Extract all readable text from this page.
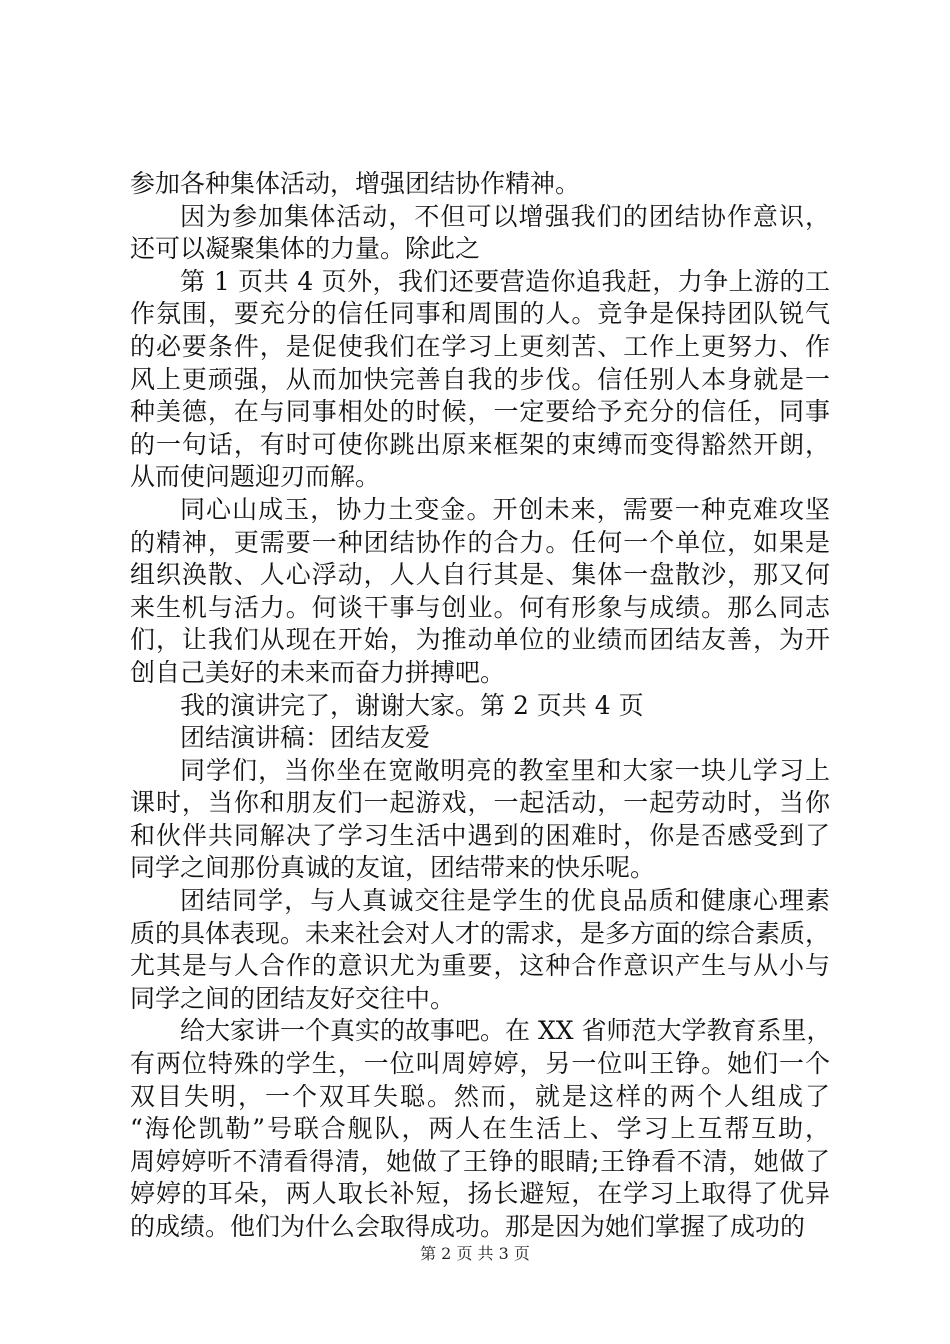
参加各种集体活动，增强团结协作精神。
因为参加集体活动，不但可以增强我们的团结协作意识，
还可以凝聚集体的力量。除此之
第 1 页共 4 页外，我们还要营造你追我赶，力争上游的工
作氛围，要充分的信任同事和周围的人。竞争是保持团队锐气
的必要条件，是促使我们在学习上更刻苦、工作上更努力、作
风上更顽强，从而加快完善自我的步伐。信任别人本身就是一
种美德，在与同事相处的时候，一定要给予充分的信任，同事
的一句话，有时可使你跳出原来框架的束缚而变得豁然开朗，
从而使问题迎刃而解。
同心山成玉，协力土变金。开创未来，需要一种克难攻坚
的精神，更需要一种团结协作的合力。任何一个单位，如果是
组织涣散、人心浮动，人人自行其是、集体一盘散沙，那又何
来生机与活力。何谈干事与创业。何有形象与成绩。那么同志
们，让我们从现在开始，为推动单位的业绩而团结友善，为开
创自己美好的未来而奋力拼搏吧。
我的演讲完了，谢谢大家。第 2 页共 4 页
团结演讲稿：团结友爱
同学们，当你坐在宽敞明亮的教室里和大家一块儿学习上
课时，当你和朋友们一起游戏，一起活动，一起劳动时，当你
和伙伴共同解决了学习生活中遇到的困难时，你是否感受到了
同学之间那份真诚的友谊，团结带来的快乐呢。
团结同学，与人真诚交往是学生的优良品质和健康心理素
质的具体表现。未来社会对人才的需求，是多方面的综合素质，
尤其是与人合作的意识尤为重要，这种合作意识产生与从小与
同学之间的团结友好交往中。
给大家讲一个真实的故事吧。在 XX 省师范大学教育系里，
有两位特殊的学生，一位叫周婷婷，另一位叫王铮。她们一个
双目失明，一个双耳失聪。然而，就是这样的两个人组成了
“海伦凯勒”号联合舰队，两人在生活上、学习上互帮互助，
周婷婷听不清看得清，她做了王铮的眼睛;王铮看不清，她做了
婷婷的耳朵，两人取长补短，扬长避短，在学习上取得了优异
的成绩。他们为什么会取得成功。那是因为她们掌握了成功的
第 2 页 共 3 页
